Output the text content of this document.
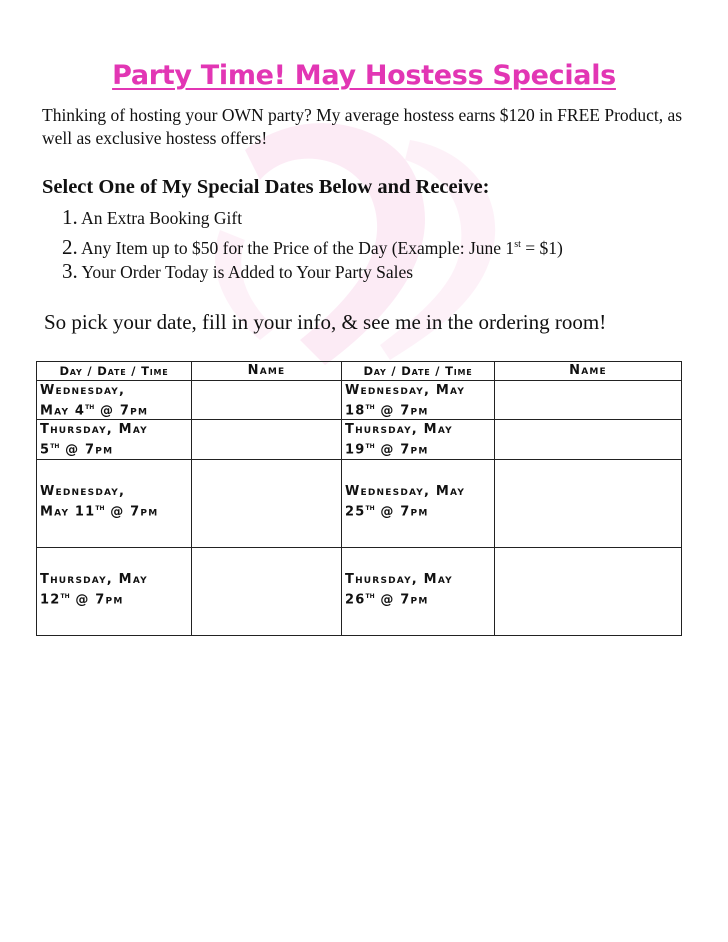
Party Time! May Hostess Specials
Thinking of hosting your OWN party? My average hostess earns $120 in FREE Product, as well as exclusive hostess offers!
Select One of My Special Dates Below and Receive:
1. An Extra Booking Gift
2. Any Item up to $50 for the Price of the Day (Example: June 1st = $1)
3. Your Order Today is Added to Your Party Sales
So pick your date, fill in your info, & see me in the ordering room!
Day / Date / Time	Name	Day / Date / Time	Name

Wednesday,
May 4th @ 7pm		Wednesday, May
18th @ 7pm	

Thursday, May
5th @ 7pm		Thursday, May
19th @ 7pm	

Wednesday,
May 11th @ 7pm		Wednesday, May
25th @ 7pm	

Thursday, May
12th @ 7pm		Thursday, May
26th @ 7pm	
